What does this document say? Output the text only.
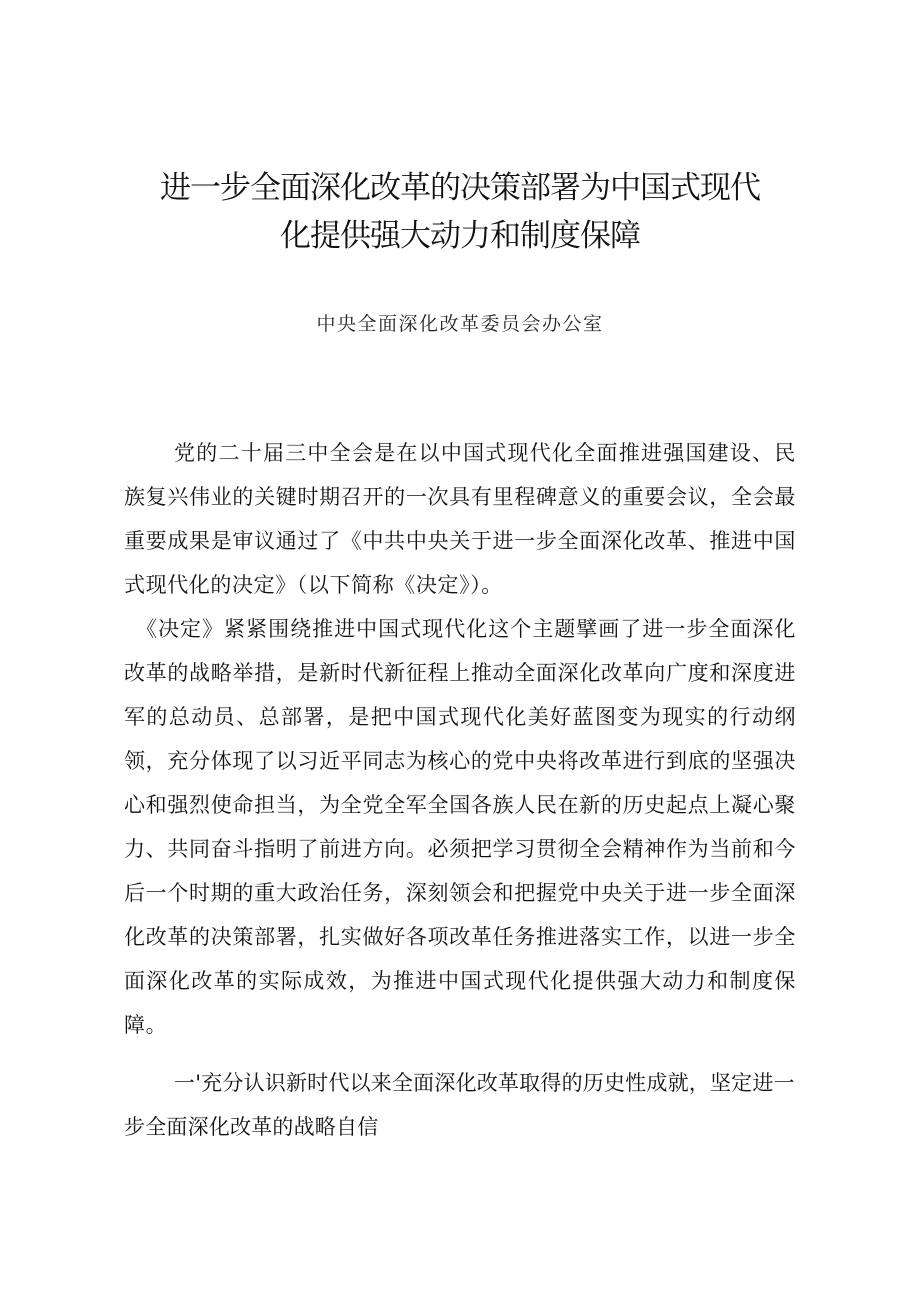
进一步全面深化改革的决策部署为中国式现代
化提供强大动力和制度保障

中央全面深化改革委员会办公室

党的二十届三中全会是在以中国式现代化全面推进强国建设、民族复兴伟业的关键时期召开的一次具有里程碑意义的重要会议，全会最重要成果是审议通过了《中共中央关于进一步全面深化改革、推进中国式现代化的决定》（以下简称《决定》）。

《决定》紧紧围绕推进中国式现代化这个主题擘画了进一步全面深化改革的战略举措，是新时代新征程上推动全面深化改革向广度和深度进军的总动员、总部署，是把中国式现代化美好蓝图变为现实的行动纲领，充分体现了以习近平同志为核心的党中央将改革进行到底的坚强决心和强烈使命担当，为全党全军全国各族人民在新的历史起点上凝心聚力、共同奋斗指明了前进方向。必须把学习贯彻全会精神作为当前和今后一个时期的重大政治任务，深刻领会和把握党中央关于进一步全面深化改革的决策部署，扎实做好各项改革任务推进落实工作，以进一步全面深化改革的实际成效，为推进中国式现代化提供强大动力和制度保障。

一'充分认识新时代以来全面深化改革取得的历史性成就，坚定进一步全面深化改革的战略自信
